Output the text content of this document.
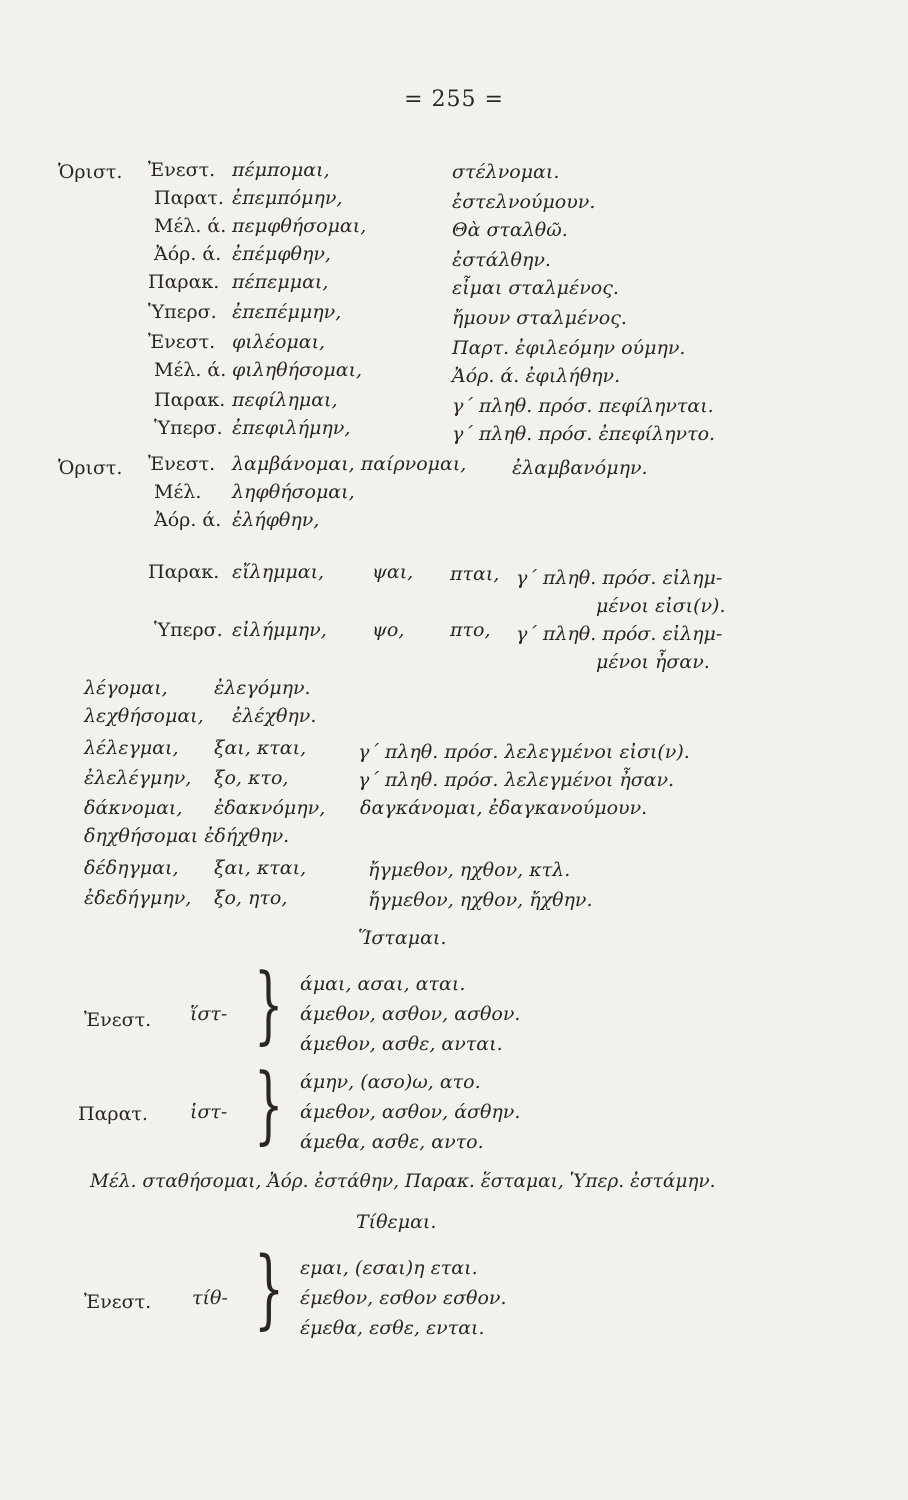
= 255 =
Ὁριστ. Ἐνεστ. πέμπομαι,	στέλνομαι.
Παρατ. ἐπεμπόμην,	ἐστελνούμουν.
Μέλ. ά. πεμφθήσομαι,	Θὰ σταλθῶ.
Ἀόρ. ά. ἐπέμφθην,	ἐστάλθην.
Παρακ. πέπεμμαι,	εἶμαι σταλμένος.
Ὑπερσ. ἐπεπέμμην,	ἤμουν σταλμένος.
Ἐνεστ. φιλέομαι,	Παρτ. ἐφιλεόμην ούμην.
Μέλ. ά. φιληθήσομαι,	Ἀόρ. ά. ἐφιλήθην.
Παρακ. πεφίλημαι,	γ΄ πληθ. πρόσ. πεφίληνται.
Ὑπερσ. ἐπεφιλήμην,	γ΄ πληθ. πρόσ. ἐπεφίληντο.
Ὁριστ. Ἐνεστ. λαμβάνομαι, παίρνομαι, ἐλαμβανόμην.
Μέλ. ληφθήσομαι,
Ἀόρ. ά. ἐλήφθην,
Παρακ. εἴλημμαι,	ψαι, πται, γ΄ πληθ. πρόσ. εἰλημ-
μένοι εἰσι(ν).
Ὑπερσ. εἰλήμμην, ψο, πτο, γ΄ πληθ. πρόσ. εἰλημ-
μένοι ἦσαν.
λέγομαι, ἐλεγόμην.
λεχθήσομαι, ἐλέχθην.
λέλεγμαι, ξαι, κται,	γ΄ πληθ. πρόσ. λελεγμένοι εἰσι(ν).
ἐλελέγμην, ξο, κτο,	γ΄ πληθ. πρόσ. λελεγμένοι ἦσαν.
δάκνομαι, ἐδακνόμην, δαγκάνομαι, ἐδαγκανούμουν.
δηχθήσομαι ἐδήχθην.
δέδηγμαι, ξαι, κται,	ἤγμεθον, ηχθον, κτλ.
ἐδεδήγμην, ξο, ητο,	ἤγμεθον, ηχθον, ἤχθην.
Ἵσταμαι.
Ἐνεστ. ἵστ- } άμαι, ασαι, αται.
άμεθον, ασθον, ασθον.
άμεθον, ασθε, ανται.
Παρατ. ἱστ- } άμην, (ασο)ω, ατο.
άμεθον, ασθον, άσθην.
άμεθα, ασθε, αντο.
Μέλ. σταθήσομαι, Ἀόρ. ἐστάθην, Παρακ. ἕσταμαι, Ὑπερ. ἐστάμην.
Τίθεμαι.
Ἐνεστ. τίθ- } εμαι, (εσαι)η εται.
έμεθον, εσθον εσθον.
έμεθα, εσθε, ενται.
